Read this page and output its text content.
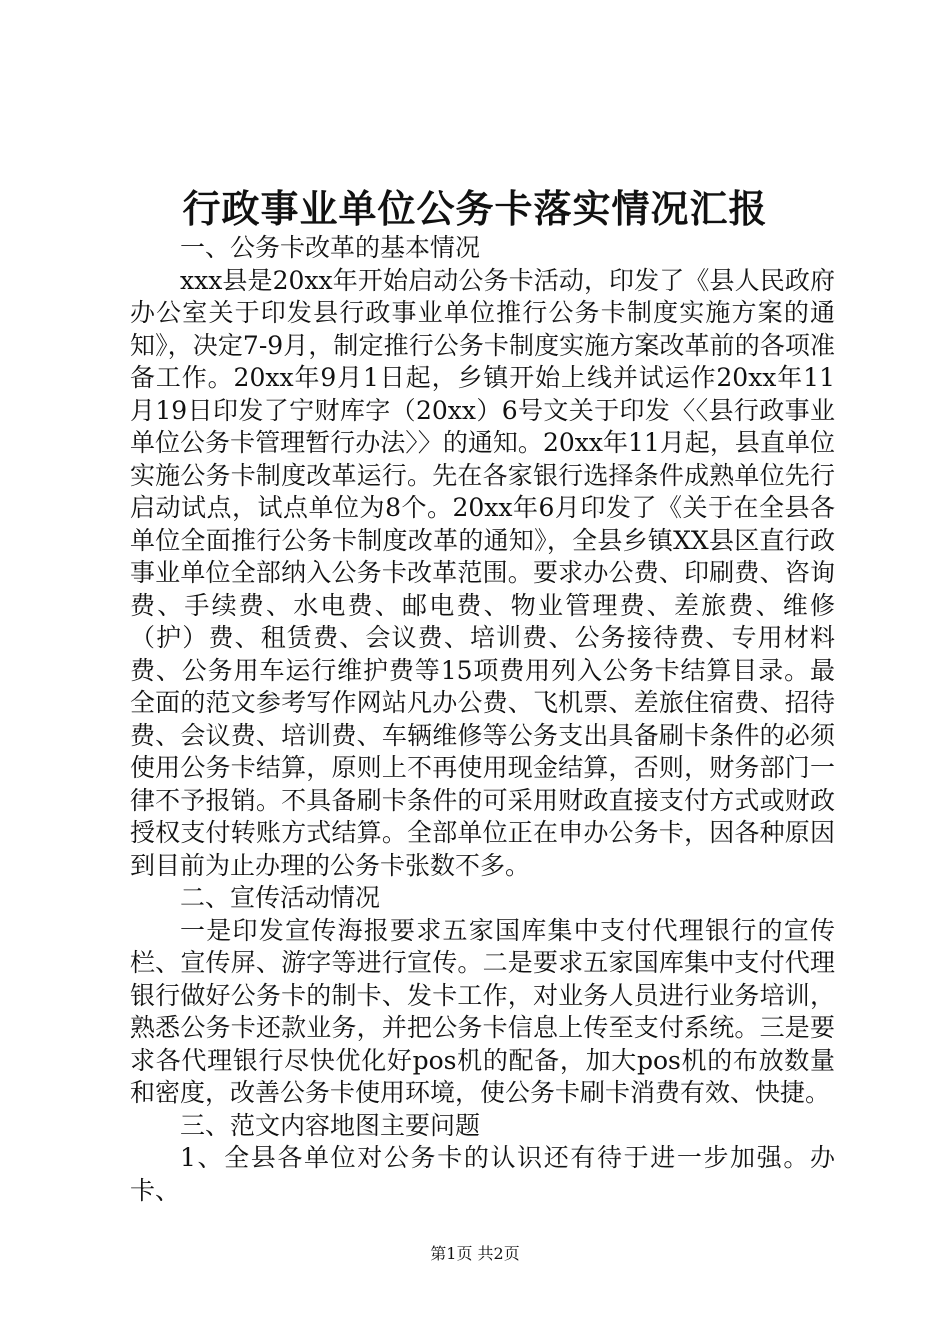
行政事业单位公务卡落实情况汇报

一、公务卡改革的基本情况

xxx县是20xx年开始启动公务卡活动，印发了《县人民政府办公室关于印发县行政事业单位推行公务卡制度实施方案的通知》，决定7-9月，制定推行公务卡制度实施方案改革前的各项准备工作。20xx年9月1日起，乡镇开始上线并试运作20xx年11月19日印发了宁财库字（20xx）6号文关于印发〈〈县行政事业单位公务卡管理暂行办法〉〉的通知。20xx年11月起，县直单位实施公务卡制度改革运行。先在各家银行选择条件成熟单位先行启动试点，试点单位为8个。20xx年6月印发了《关于在全县各单位全面推行公务卡制度改革的通知》，全县乡镇XX县区直行政事业单位全部纳入公务卡改革范围。要求办公费、印刷费、咨询费、手续费、水电费、邮电费、物业管理费、差旅费、维修（护）费、租赁费、会议费、培训费、公务接待费、专用材料费、公务用车运行维护费等15项费用列入公务卡结算目录。最全面的范文参考写作网站凡办公费、飞机票、差旅住宿费、招待费、会议费、培训费、车辆维修等公务支出具备刷卡条件的必须使用公务卡结算，原则上不再使用现金结算，否则，财务部门一律不予报销。不具备刷卡条件的可采用财政直接支付方式或财政授权支付转账方式结算。全部单位正在申办公务卡，因各种原因到目前为止办理的公务卡张数不多。

二、宣传活动情况

一是印发宣传海报要求五家国库集中支付代理银行的宣传栏、宣传屏、游字等进行宣传。二是要求五家国库集中支付代理银行做好公务卡的制卡、发卡工作，对业务人员进行业务培训，熟悉公务卡还款业务，并把公务卡信息上传至支付系统。三是要求各代理银行尽快优化好pos机的配备，加大pos机的布放数量和密度，改善公务卡使用环境，使公务卡刷卡消费有效、快捷。

三、范文内容地图主要问题

1、全县各单位对公务卡的认识还有待于进一步加强。办卡、

第1页 共2页
